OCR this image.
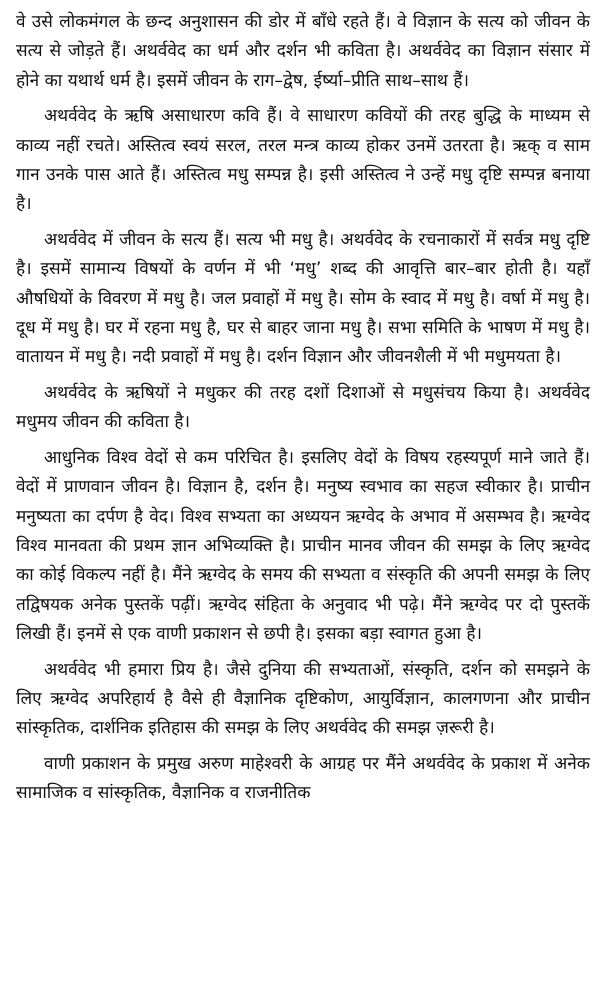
वे उसे लोकमंगल के छन्द अनुशासन की डोर में बाँधे रहते हैं। वे विज्ञान के सत्य को जीवन के सत्य से जोड़ते हैं। अथर्ववेद का धर्म और दर्शन भी कविता है। अथर्ववेद का विज्ञान संसार में होने का यथार्थ धर्म है। इसमें जीवन के राग–द्वेष, ईर्ष्या–प्रीति साथ–साथ हैं।

अथर्ववेद के ऋषि असाधारण कवि हैं। वे साधारण कवियों की तरह बुद्धि के माध्यम से काव्य नहीं रचते। अस्तित्व स्वयं सरल, तरल मन्त्र काव्य होकर उनमें उतरता है। ऋक् व साम गान उनके पास आते हैं। अस्तित्व मधु सम्पन्न है। इसी अस्तित्व ने उन्हें मधु दृष्टि सम्पन्न बनाया है।

अथर्ववेद में जीवन के सत्य हैं। सत्य भी मधु है। अथर्ववेद के रचनाकारों में सर्वत्र मधु दृष्टि है। इसमें सामान्य विषयों के वर्णन में भी ‘मधु’ शब्द की आवृत्ति बार–बार होती है। यहाँ औषधियों के विवरण में मधु है। जल प्रवाहों में मधु है। सोम के स्वाद में मधु है। वर्षा में मधु है। दूध में मधु है। घर में रहना मधु है, घर से बाहर जाना मधु है। सभा समिति के भाषण में मधु है। वातायन में मधु है। नदी प्रवाहों में मधु है। दर्शन विज्ञान और जीवनशैली में भी मधुमयता है।

अथर्ववेद के ऋषियों ने मधुकर की तरह दशों दिशाओं से मधुसंचय किया है। अथर्ववेद मधुमय जीवन की कविता है।

आधुनिक विश्व वेदों से कम परिचित है। इसलिए वेदों के विषय रहस्यपूर्ण माने जाते हैं। वेदों में प्राणवान जीवन है। विज्ञान है, दर्शन है। मनुष्य स्वभाव का सहज स्वीकार है। प्राचीन मनुष्यता का दर्पण है वेद। विश्व सभ्यता का अध्ययन ऋग्वेद के अभाव में असम्भव है। ऋग्वेद विश्व मानवता की प्रथम ज्ञान अभिव्यक्ति है। प्राचीन मानव जीवन की समझ के लिए ऋग्वेद का कोई विकल्प नहीं है। मैंने ऋग्वेद के समय की सभ्यता व संस्कृति की अपनी समझ के लिए तद्विषयक अनेक पुस्तकें पढ़ीं। ऋग्वेद संहिता के अनुवाद भी पढ़े। मैंने ऋग्वेद पर दो पुस्तकें लिखी हैं। इनमें से एक वाणी प्रकाशन से छपी है। इसका बड़ा स्वागत हुआ है।

अथर्ववेद भी हमारा प्रिय है। जैसे दुनिया की सभ्यताओं, संस्कृति, दर्शन को समझने के लिए ऋग्वेद अपरिहार्य है वैसे ही वैज्ञानिक दृष्टिकोण, आयुर्विज्ञान, कालगणना और प्राचीन सांस्कृतिक, दार्शनिक इतिहास की समझ के लिए अथर्ववेद की समझ ज़रूरी है।

वाणी प्रकाशन के प्रमुख अरुण माहेश्वरी के आग्रह पर मैंने अथर्ववेद के प्रकाश में अनेक सामाजिक व सांस्कृतिक, वैज्ञानिक व राजनीतिक
